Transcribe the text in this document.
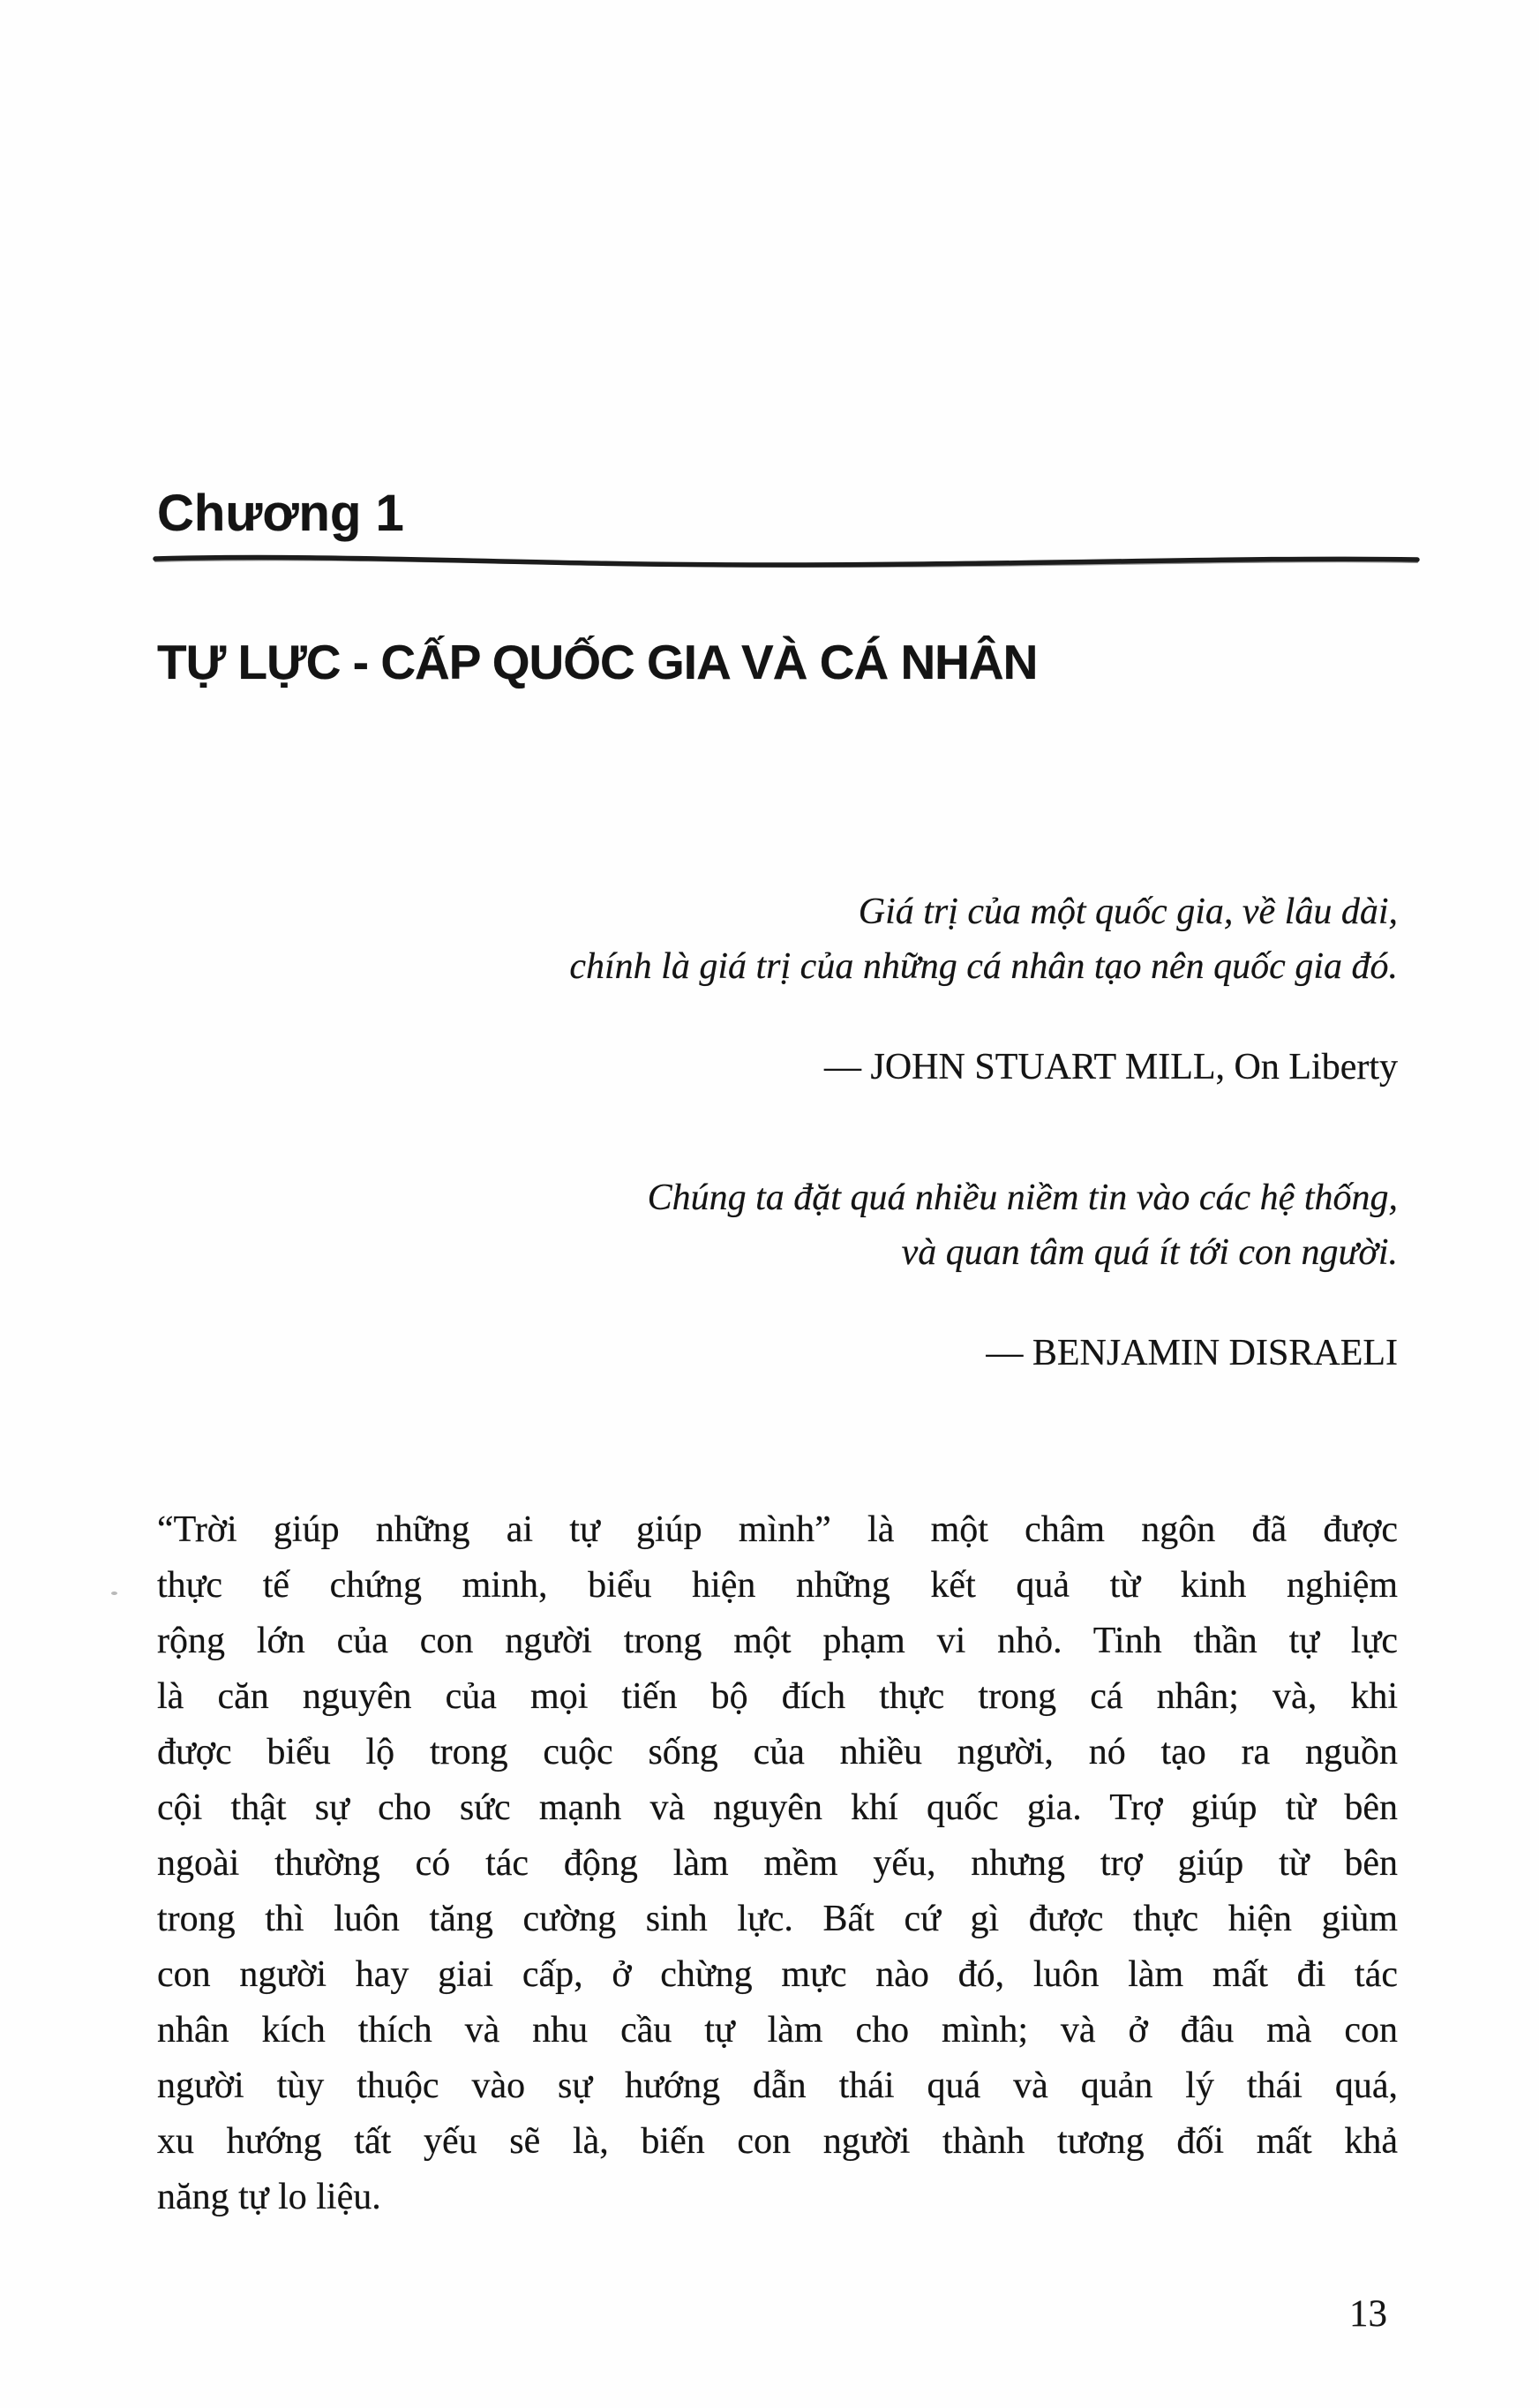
Chương 1
TỰ LỰC - CẤP QUỐC GIA VÀ CÁ NHÂN

Giá trị của một quốc gia, về lâu dài,

chính là giá trị của những cá nhân tạo nên quốc gia đó.

— JOHN STUART MILL, On Liberty

Chúng ta đặt quá nhiều niềm tin vào các hệ thống,

và quan tâm quá ít tới con người.

— BENJAMIN DISRAELI

“Trời giúp những ai tự giúp mình” là một châm ngôn đã được

thực tế chứng minh, biểu hiện những kết quả từ kinh nghiệm

rộng lớn của con người trong một phạm vi nhỏ. Tinh thần tự lực

là căn nguyên của mọi tiến bộ đích thực trong cá nhân; và, khi

được biểu lộ trong cuộc sống của nhiều người, nó tạo ra nguồn

cội thật sự cho sức mạnh và nguyên khí quốc gia. Trợ giúp từ bên

ngoài thường có tác động làm mềm yếu, nhưng trợ giúp từ bên

trong thì luôn tăng cường sinh lực. Bất cứ gì được thực hiện giùm

con người hay giai cấp, ở chừng mực nào đó, luôn làm mất đi tác

nhân kích thích và nhu cầu tự làm cho mình; và ở đâu mà con

người tùy thuộc vào sự hướng dẫn thái quá và quản lý thái quá,

xu hướng tất yếu sẽ là, biến con người thành tương đối mất khả

năng tự lo liệu.

13
